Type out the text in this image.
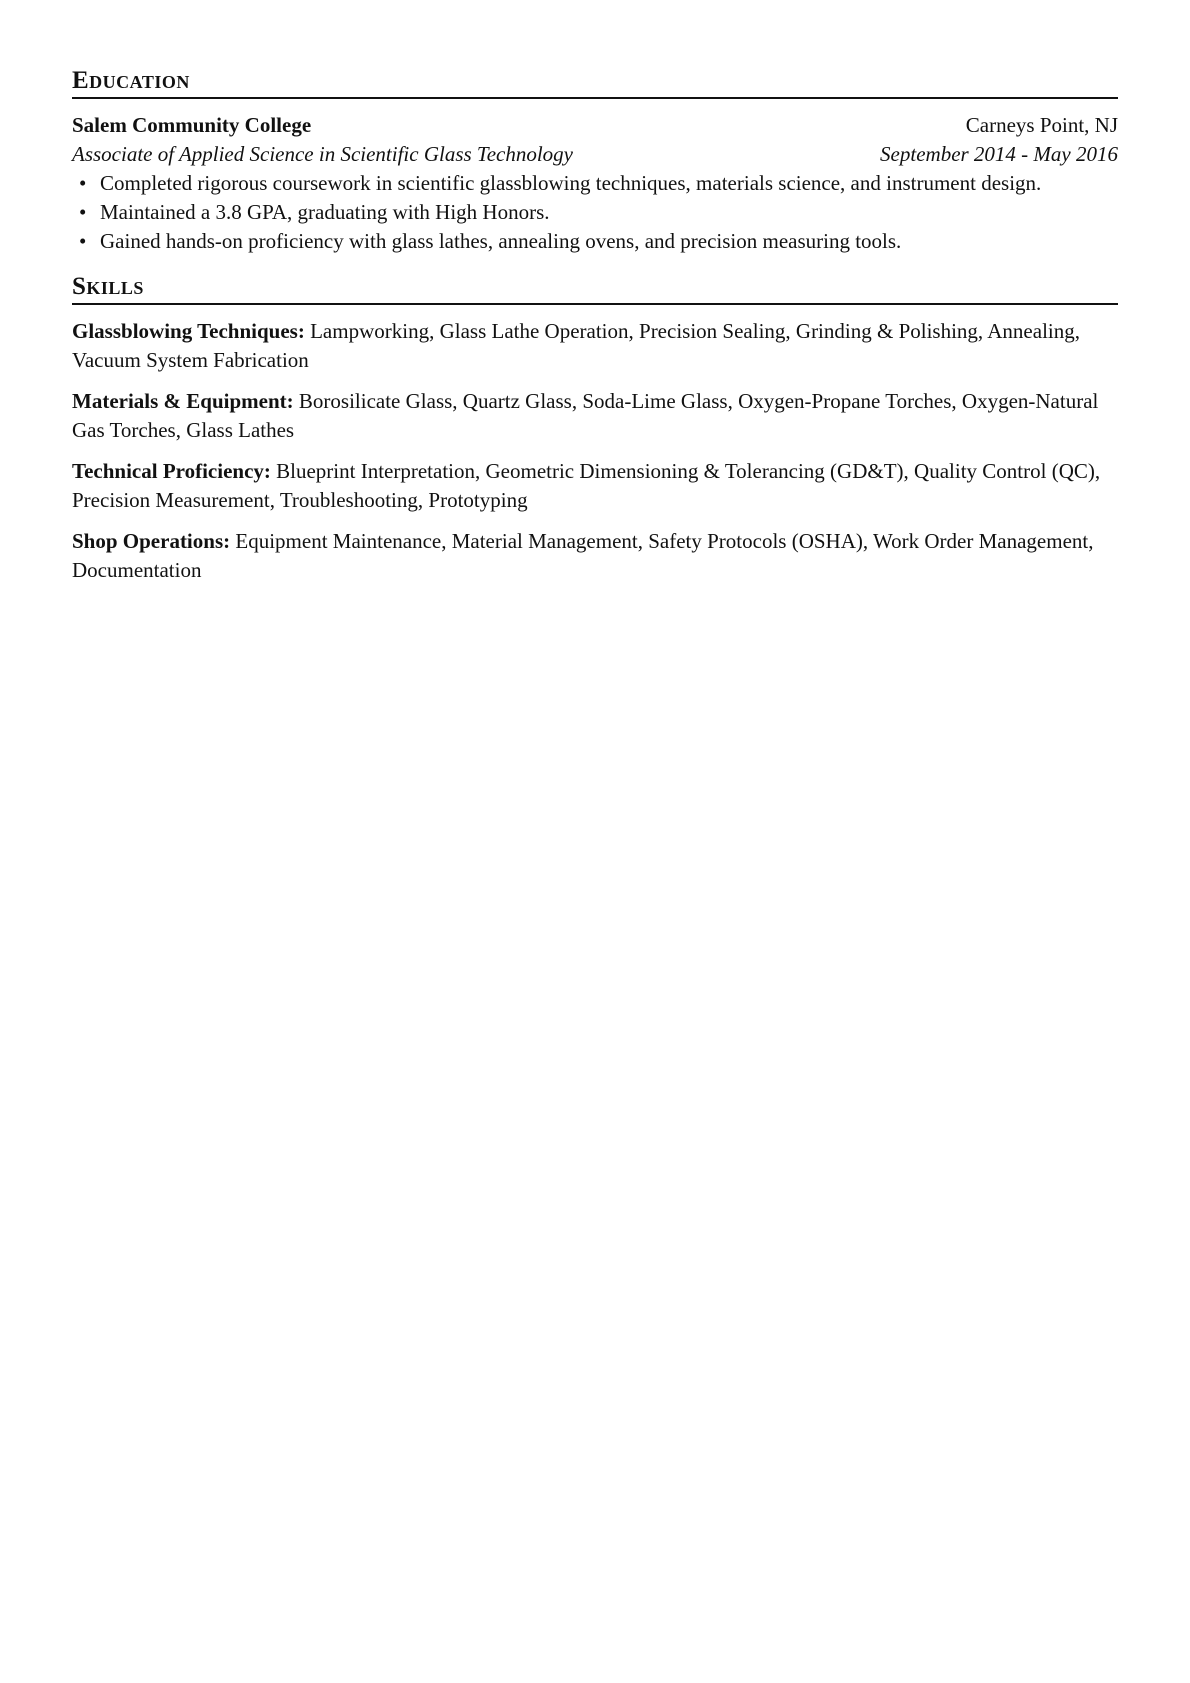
Education
Salem Community College	Carneys Point, NJ
Associate of Applied Science in Scientific Glass Technology	September 2014 - May 2016
• Completed rigorous coursework in scientific glassblowing techniques, materials science, and instrument design.
• Maintained a 3.8 GPA, graduating with High Honors.
• Gained hands-on proficiency with glass lathes, annealing ovens, and precision measuring tools.
Skills

Glassblowing Techniques: Lampworking, Glass Lathe Operation, Precision Sealing, Grinding & Polishing, Annealing, Vacuum System Fabrication

Materials & Equipment: Borosilicate Glass, Quartz Glass, Soda-Lime Glass, Oxygen-Propane Torches, Oxygen-Natural Gas Torches, Glass Lathes

Technical Proficiency: Blueprint Interpretation, Geometric Dimensioning & Tolerancing (GD&T), Quality Control (QC), Precision Measurement, Troubleshooting, Prototyping

Shop Operations: Equipment Maintenance, Material Management, Safety Protocols (OSHA), Work Order Management, Documentation
